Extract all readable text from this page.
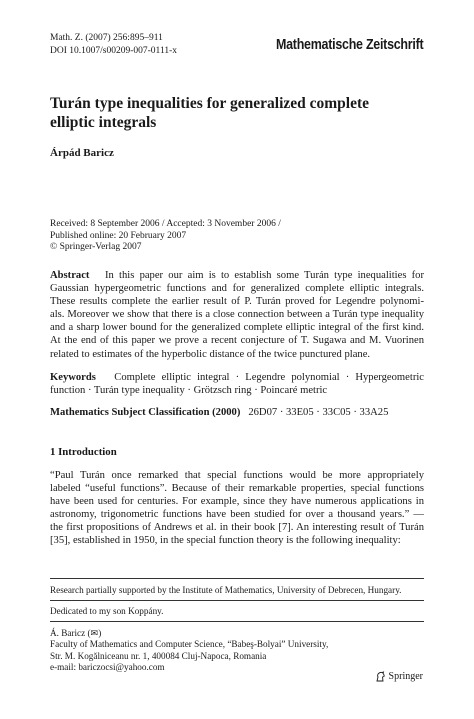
Math. Z. (2007) 256:895–911
DOI 10.1007/s00209-007-0111-x	Mathematische Zeitschrift
Turán type inequalities for generalized complete
elliptic integrals
Árpád Baricz
Received: 8 September 2006 / Accepted: 3 November 2006 /
Published online: 20 February 2007
© Springer-Verlag 2007
Abstract In this paper our aim is to establish some Turán type inequalities for
Gaussian hypergeometric functions and for generalized complete elliptic integrals.
These results complete the earlier result of P. Turán proved for Legendre polynomi-
als. Moreover we show that there is a close connection between a Turán type inequality
and a sharp lower bound for the generalized complete elliptic integral of the first kind.
At the end of this paper we prove a recent conjecture of T. Sugawa and M. Vuorinen
related to estimates of the hyperbolic distance of the twice punctured plane.
Keywords Complete elliptic integral · Legendre polynomial · Hypergeometric
function · Turán type inequality · Grötzsch ring · Poincaré metric
Mathematics Subject Classification (2000) 26D07 · 33E05 · 33C05 · 33A25
1 Introduction
“Paul Turán once remarked that special functions would be more appropriately
labeled “useful functions”. Because of their remarkable properties, special functions
have been used for centuries. For example, since they have numerous applications in
astronomy, trigonometric functions have been studied for over a thousand years.” —
the first propositions of Andrews et al. in their book [7]. An interesting result of Turán
[35], established in 1950, in the special function theory is the following inequality:
Research partially supported by the Institute of Mathematics, University of Debrecen, Hungary.
Dedicated to my son Koppány.
Á. Baricz (✉)
Faculty of Mathematics and Computer Science, “Babeş-Bolyai” University,
Str. M. Kogălniceanu nr. 1, 400084 Cluj-Napoca, Romania
e-mail: bariczocsi@yahoo.com
Springer
